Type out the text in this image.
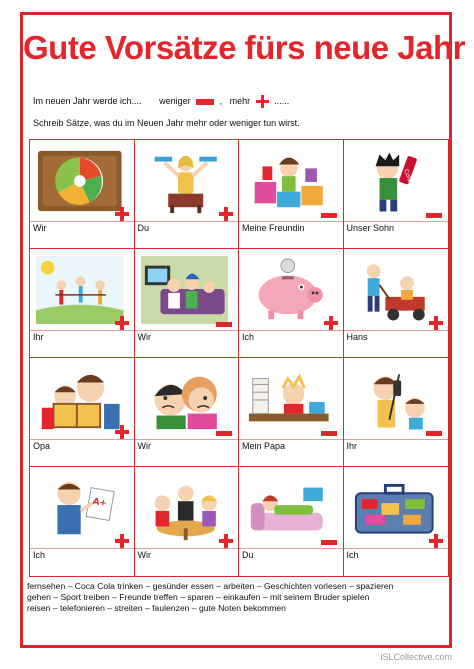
Gute Vorsätze fürs neue Jahr
Im neuen Jahr werde ich.... weniger	, mehr	......
Schreib Sätze, was du im Neuen Jahr mehr oder weniger tun wirst.
Wir	Du	Meine Freundin
Cola
Unser Sohn
Ihr	Wir	Ich	Hans
Opa	Wir	Mein Papa	Ihr
A+
Ich	Wir	Du	Ich
fernsehen – Coca Cola trinken – gesünder essen – arbeiten – Geschichten vorlesen – spazieren
gehen – Sport treiben – Freunde treffen – sparen – einkaufen – mit seinem Bruder spielen
reisen – telefonieren – streiten – faulenzen – gute Noten bekommen
iSLCollective.com
